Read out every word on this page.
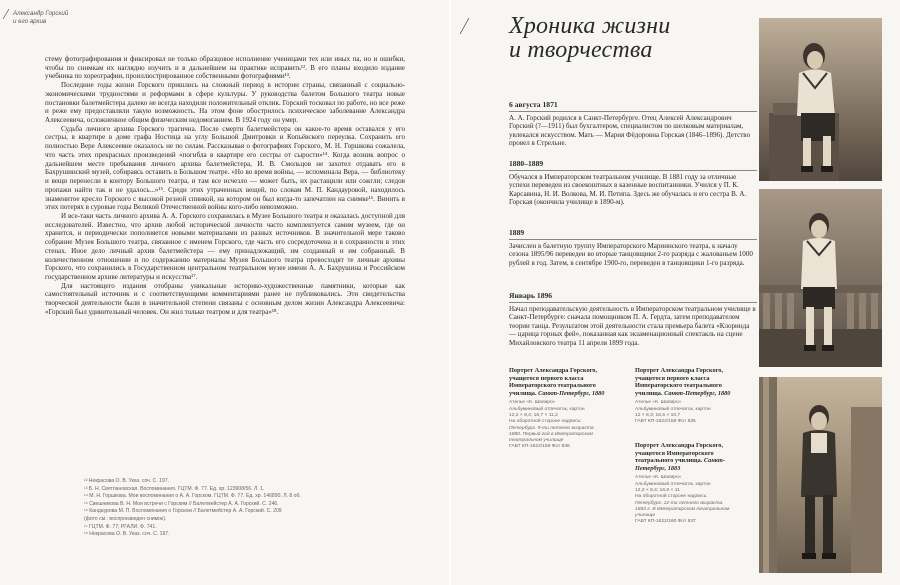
Александр Горский
и его архив

стему фотографирования и фиксировал не только образцовое исполнение ученицами тех или иных па, но и ошибки, чтобы по снимкам их наглядно изучить и в дальнейшем на практике исправить¹². В его планы входило издание учебника по хореографии, проиллюстрированное собственными фотографиями¹³.

Последние годы жизни Горского пришлись на сложный период в истории страны, связанный с социально-экономическими трудностями и реформами в сфере культуры. У руководства балетом Большого театра новые постановки балетмейстера далеко не всегда находили положительный отклик. Горский тосковал по работе, но все реже и реже ему предоставляли такую возможность. На этом фоне обострилось психическое заболевание Александра Алексеевича, осложненное общим физическим недомоганием. В 1924 году он умер.

Судьба личного архива Горского трагична. После смерти балетмейстера он какое-то время оставался у его сестры, в квартире в доме графа Ностица на углу Большой Дмитровки и Копьёвского переулка. Сохранить его полностью Вере Алексеевне оказалось не по силам. Рассказывая о фотографиях Горского, М. Н. Горшкова сожалела, что часть этих прекрасных произведений «погибла в квартире его сестры от сырости»¹⁴. Когда возник вопрос о дальнейшем месте пребывания личного архива балетмейстера, И. В. Смольцов не захотел отдавать его в Бахрушинский музей, собираясь оставить в Большом театре. «Но во время войны, — вспоминала Вера, — библиотеку и вещи перенесли в контору Большого театра, и там все исчезло — может быть, их растащили или сожгли; следов пропажи найти так и не удалось...»¹⁵. Среди этих утраченных вещей, по словам М. П. Кандауровой, находилось знаменитое кресло Горского с высокой резной спинкой, на котором он был когда-то запечатлен на снимке¹⁶. Винить в этих потерях в суровые годы Великой Отечественной войны кого-либо невозможно.

И все-таки часть личного архива А. А. Горского сохранилась в Музее Большого театра и оказалась доступной для исследователей. Известно, что архив любой исторической личности часто комплектуется самим музеем, где он хранится, и периодически пополняется новыми материалами из разных источников. В значительной мере таково собрание Музея Большого театра, связанное с именем Горского, где часть его сосредоточена и в сохранности в этих стенах. Иное дело личный архив балетмейстера — ему принадлежащий, им созданный и им собранный. В количественном отношении и по содержанию материалы Музея Большого театра превосходят те личные архивы Горского, что сохранились в Государственном центральном театральном музее имени А. А. Бахрушина и Российском государственном архиве литературы и искусства¹⁷.

Для настоящего издания отобраны уникальные историко-художественные памятники, которые как самостоятельный источник и с соответствующими комментариями ранее не публиковались. Эти свидетельства творческой деятельности были в значительной степени связаны с основным делом жизни Александра Алексеевича: «Горский был удивительный человек. Он жил только театром и для театра»¹⁸.

¹² Некрасова О. В. Указ. соч. С. 197.
¹³ Б. Н. Светлановская. Воспоминания. ГЦТМ. Ф. 77. Ед. хр. 123908/56. Л. 1.
¹⁴ М. Н. Горшкова. Мои воспоминания о А. А. Горском. ГЦТМ. Ф. 77. Ед. хр. 146890. Л. 8 об.
¹⁵ Свешникова В. Н. Мои встречи с Горским // Балетмейстер А. А. Горский. С. 246.
¹⁶ Кандаурова М. П. Воспоминания о Горском // Балетмейстер А. А. Горский. С. 209
(фото см.: воспроизведен снимок).
¹⁷ ГЦТМ. Ф. 77; РГАЛИ. Ф. 741.
¹⁸ Некрасова О. В. Указ. соч. С. 197.
Хроника жизни
и творчества
6 августа 1871
А. А. Горский родился в Санкт-Петербурге. Отец Алексей Александрович Горский (?—1911) был бухгалтером, специалистом по шелковым материалам, увлекался искусством. Мать — Мария Фёдоровна Горская (1846–1896). Детство провел в Стрельне.
1880–1889
Обучался в Императорском театральном училище. В 1881 году за отличные успехи переведен из своекоштных в казенные воспитанники. Учился у П. К. Карсавина, Н. И. Волкова, М. И. Петипа. Здесь же обучалась и его сестра В. А. Горская (окончила училище в 1890-м).
1889
Зачислен в балетную труппу Императорского Мариинского театра, к началу сезона 1895/96 переведен во вторые танцовщики 2-го разряда с жалованьем 1000 рублей в год. Затем, в сентябре 1900-го, переведен в танцовщики 1-го разряда.
Январь 1896
Начал преподавательскую деятельность в Императорском театральном училище в Санкт-Петербурге: сначала помощником П. А. Гердта, затем преподавателем теории танца. Результатом этой деятельности стала премьера балета «Клоринда — царица горных фей», показанная как экзаменационный спектакль на сцене Михайловского театра 11 апреля 1899 года.
Портрет Александра Горского, учащегося первого класса Императорского театрального училища. Санкт-Петербург, 1880
Ателье «К. Шапиро»
Альбуминовый отпечаток, картон
12,2 × 8,4; 16,7 × 11,2
На оборотной стороне надпись:
Петербург. 9-ти летнего возраста.
1880. Первый год в Императорском
театральном училище
ГАБТ КП-1622/159 Фот 836
Портрет Александра Горского, учащегося первого класса Императорского театрального училища. Санкт-Петербург, 1880
Ателье «К. Шапиро»
Альбуминовый отпечаток, картон
12 × 8,3; 16,5 × 10,7
ГАБТ КП-1622/158 Фот 835
Портрет Александра Горского, учащегося Императорского театрального училища. Санкт-Петербург, 1883
Ателье «К. Шапиро»
Альбуминовый отпечаток, картон
12,3 × 8,4; 16,8 × 11
На оборотной стороне надпись:
Петербург. 12-ти летнего возраста.
1883 г. В Императорском театральном
училище
ГАБТ КП-1622/160 Фот 837
